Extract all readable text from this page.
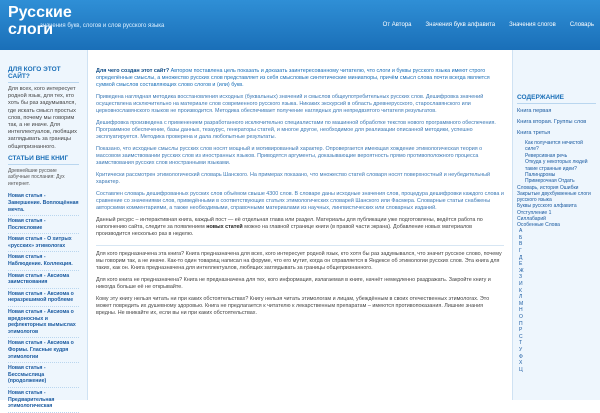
Русские слоги
значения букв, слогов и слов русского языка	От Автора Значения букв алфавита Значения слогов Словарь
ДЛЯ КОГО ЭТОТ САЙТ?
Для всех, кого интересует родной язык, для тех, кто хоть бы раз задумывался, где искать смысл простых слов, почему мы говорим так, а не иначе. Для интеллектуалов, любящих заглядывать за границы общепризнанного.
СТАТЬИ ВНЕ КНИГ
Древнейшие русские азбучные послания: Дух интернет.
Новая статья - Завершение. Воплощённая мечта.
Новая статья - Послесловие
Новая статья - О хитрых «русских» этимологах
Новая статья - Наблюдение. Коллекция.
Новая статья - Аксиома заимствования
Новая статья - Аксиома о неразрешимой проблеме
Новая статья - Аксиома о вредоносных и рефлекторных вымыслах этимологов
Новая статья - Аксиома о Формы. Гласные кудря этимологии
Новая статья - Бессмыслица (продолжение)
Новая статья - Предварительная этимологическая
Для чего создан этот сайт? Автором поставлена цель показать и доказать заинтересованному читателю, что слоги и буквы русского языка имеют строго определённые смыслы, а множество русских слов представляет из себя смысловые синтетические миниатюры, причём смысл слова почти всегда является суммой смыслов составляющих слово слогов и (или) букв.
Приведена наглядная методика восстановления исходных (буквальных) значений и смыслов общеупотребительных русских слов. Дешифровка значений осуществлена исключительно на материале слов современного русского языка. Никаких экскурсий в область древнерусского, старославянского или церковнославянского языков не производится. Методика обеспечивает получение наглядных для непредвзятого читателя результатов.
Дешифровка произведена с применением разработанного исключительно специалистами по машинной обработке текстов нового программного обеспечения. Программное обеспечение, базы данных, тезаурус, генераторы статей, и многое другое, необходимое для реализации описанной методики, успешно эксплуатируется. Методика проверена и дала любопытные результаты.
Показано, что исходные смыслы русских слов носят мощный и мотивированный характер. Опровергается имеющая хождение этимологическая теория о массовом заимствовании русских слов из иностранных языков. Приводятся аргументы, доказывающие вероятность прямо противоположного процесса заимствования русских слов иностранными языками.
Критически рассмотрен этимологический словарь Шанского. На примерах показано, что множество статей словаря носят поверхностный и неубедительный характер.
Составлен словарь дешифрованных русских слов объёмом свыше 4300 слов. В словаре даны исходные значения слов, процедура дешифровки каждого слова и сравнение со значениями слов, приведёнными в соответствующих статьях этимологических словарей Шанского или Фасмера. Словарные статьи снабжены авторскими комментариями, а также необходимыми, справочными материалами из научных, лингвистических или словарных изданий.
Данный ресурс – интерактивная книга, каждый пост — её отдельная глава или раздел. Материалы для публикации уже подготовлены, ведётся работа по наполнению сайта, следите за появлением новых статей можно на главной странице книги (в правой части экрана). Добавление новых материалов производится несколько раз в неделю.
Для кого предназначена эта книга? Книга предназначена для всех, кого интересует родной язык, кто хотя бы раз задумывался, что значит русское слово, почему мы говорим так, а не иначе. Как-то один товарищ написал на форуме, что его мутит, когда он справляется в Яндексе об этимологии русских слов. Эта книга для таких, как он. Книга предназначена для интеллектуалов, любящих заглядывать за границы общепризнанного.
Для кого книга не предназначена? Книга не предназначена для тех, кого информация, излагаемая в книге, начнёт немедленно раздражать. Закройте книгу и никогда больше её не открывайте.
Кому эту книгу нельзя читать ни при каких обстоятельствах? Книгу нельзя читать этимологам и лицам, убеждённым в своих отечественных этимологах. Это может повредить их душевному здоровью. Книга не предлагается к читателю к лекарственным препаратам – имеются противопоказания. Лишние знания вредны. Не вникайте их, если вы ни при каких обстоятельствах.
СОДЕРЖАНИЕ
Книга первая
Книга вторая. Группы слов
Книга третья
Как получается нечистой силе?
Реверсивная речь
Откуда у некоторых людей такие странные идеи?
Палиндромы
Примерочная Отдать
Словарь, история Ошибки
Закрытые двухбуквенные слоги русского языка
Буквы русского алфавита
Отступление 1
Силлабарий
Особенные Слова
А
Б
В
Г
Д
Е
Ж
З
И
К
Л
М
Н
О
П
Р
С
Т
У
Ф
Х
Ц
